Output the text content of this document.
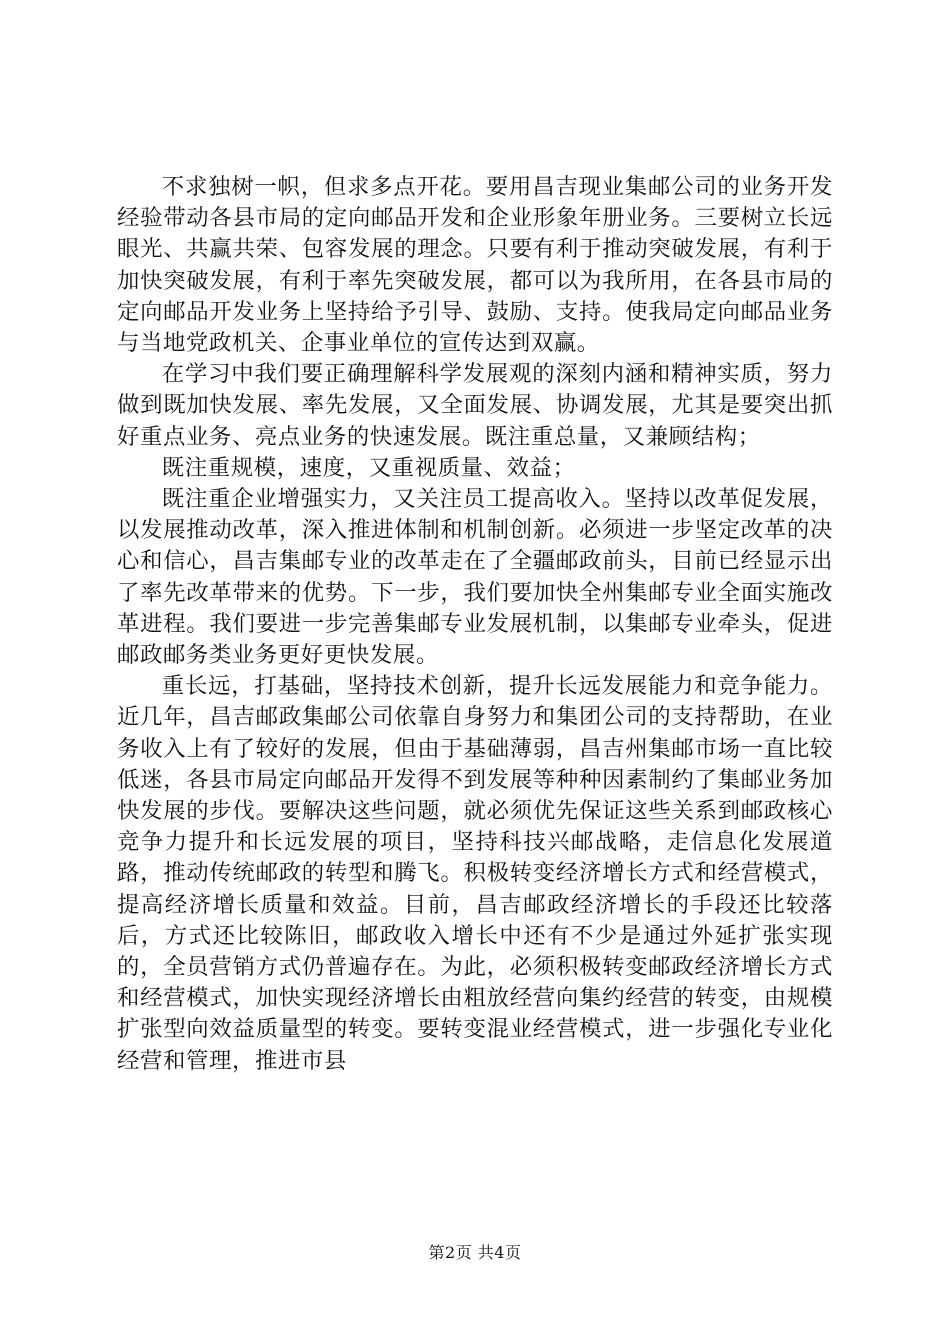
不求独树一帜，但求多点开花。要用昌吉现业集邮公司的业务开发经验带动各县市局的定向邮品开发和企业形象年册业务。三要树立长远眼光、共赢共荣、包容发展的理念。只要有利于推动突破发展，有利于加快突破发展，有利于率先突破发展，都可以为我所用，在各县市局的定向邮品开发业务上坚持给予引导、鼓励、支持。使我局定向邮品业务与当地党政机关、企事业单位的宣传达到双赢。

在学习中我们要正确理解科学发展观的深刻内涵和精神实质，努力做到既加快发展、率先发展，又全面发展、协调发展，尤其是要突出抓好重点业务、亮点业务的快速发展。既注重总量，又兼顾结构；

既注重规模，速度，又重视质量、效益；

既注重企业增强实力，又关注员工提高收入。坚持以改革促发展，以发展推动改革，深入推进体制和机制创新。必须进一步坚定改革的决心和信心，昌吉集邮专业的改革走在了全疆邮政前头，目前已经显示出了率先改革带来的优势。下一步，我们要加快全州集邮专业全面实施改革进程。我们要进一步完善集邮专业发展机制，以集邮专业牵头，促进邮政邮务类业务更好更快发展。

重长远，打基础，坚持技术创新，提升长远发展能力和竞争能力。近几年，昌吉邮政集邮公司依靠自身努力和集团公司的支持帮助，在业务收入上有了较好的发展，但由于基础薄弱，昌吉州集邮市场一直比较低迷，各县市局定向邮品开发得不到发展等种种因素制约了集邮业务加快发展的步伐。要解决这些问题，就必须优先保证这些关系到邮政核心竞争力提升和长远发展的项目，坚持科技兴邮战略，走信息化发展道路，推动传统邮政的转型和腾飞。积极转变经济增长方式和经营模式，提高经济增长质量和效益。目前，昌吉邮政经济增长的手段还比较落后，方式还比较陈旧，邮政收入增长中还有不少是通过外延扩张实现的，全员营销方式仍普遍存在。为此，必须积极转变邮政经济增长方式和经营模式，加快实现经济增长由粗放经营向集约经营的转变，由规模扩张型向效益质量型的转变。要转变混业经营模式，进一步强化专业化经营和管理，推进市县

第2页 共4页
